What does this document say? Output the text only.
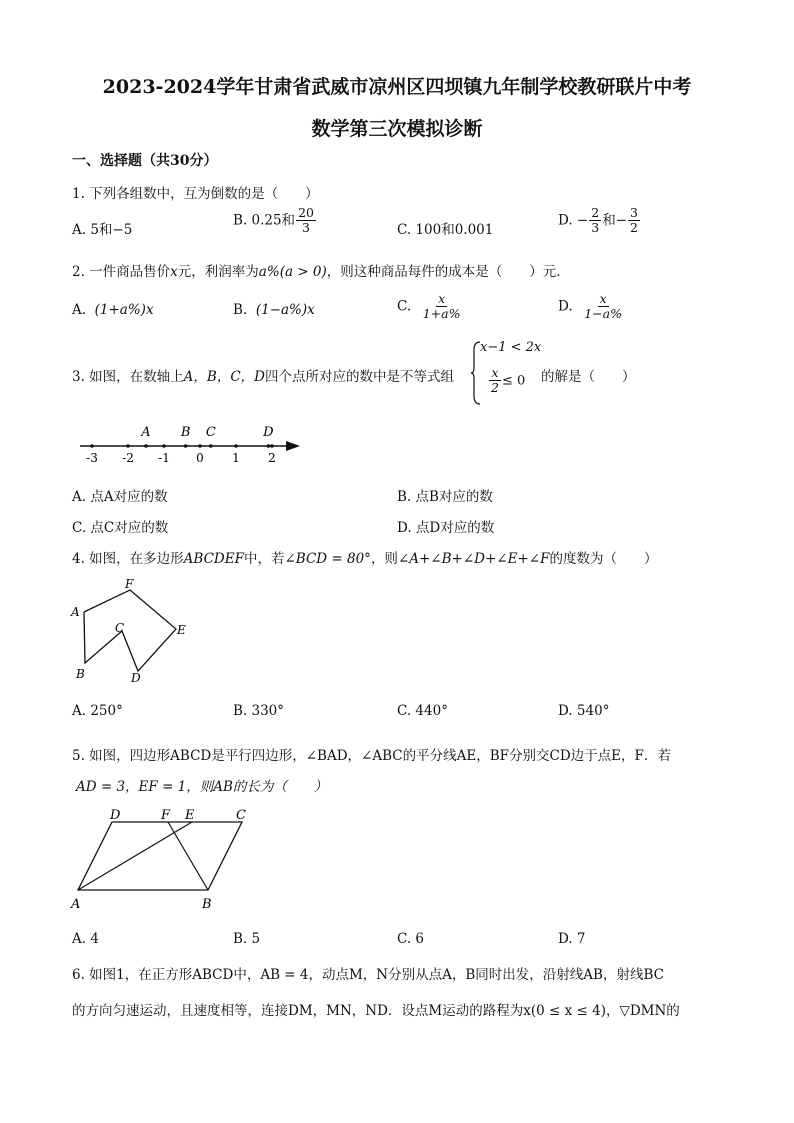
2023-2024学年甘肃省武威市凉州区四坝镇九年制学校教研联片中考
数学第三次模拟诊断
一、选择题（共30分）
1. 下列各组数中，互为倒数的是（　　）
A. 5和−5
B. 0.25和 $\frac{20}{3}$	C. 100和0.001
D. − $\frac{2}{3}$ 和− $\frac{3}{2}$
2. 一件商品售价x元，利润率为a%(a > 0)，则这种商品每件的成本是（　　）元．
A. (1+a%)x	B. (1−a%)x	C. $\frac{x}{1+a\%}$	D. $\frac{x}{1-a\%}$
3. 如图，在数轴上A，B，C，D四个点所对应的数中是不等式组
x−1 < 2x
$\frac{x}{2} \le 0$ 的解是（　　）
-3 -2 -1 0 1 2
A B C	D
A. 点A对应的数	B. 点B对应的数
C. 点C对应的数	D. 点D对应的数
4. 如图，在多边形ABCDEF中，若∠BCD = 80°，则∠A+∠B+∠D+∠E+∠F的度数为（　　）
F
A
C	E
B	D
A. 250°	B. 330°	C. 440°	D. 540°
5. 如图，四边形ABCD是平行四边形，∠BAD，∠ABC的平分线AE，BF分别交CD边于点E，F．若
AD = 3，EF = 1，则AB的长为（　　）
D	F E	C
A	B
A. 4	B. 5	C. 6	D. 7
6. 如图1，在正方形ABCD中，AB = 4，动点M，N分别从点A，B同时出发，沿射线AB，射线BC
的方向匀速运动，且速度相等，连接DM，MN，ND．设点M运动的路程为x(0 ≤ x ≤ 4)，▽DMN的
